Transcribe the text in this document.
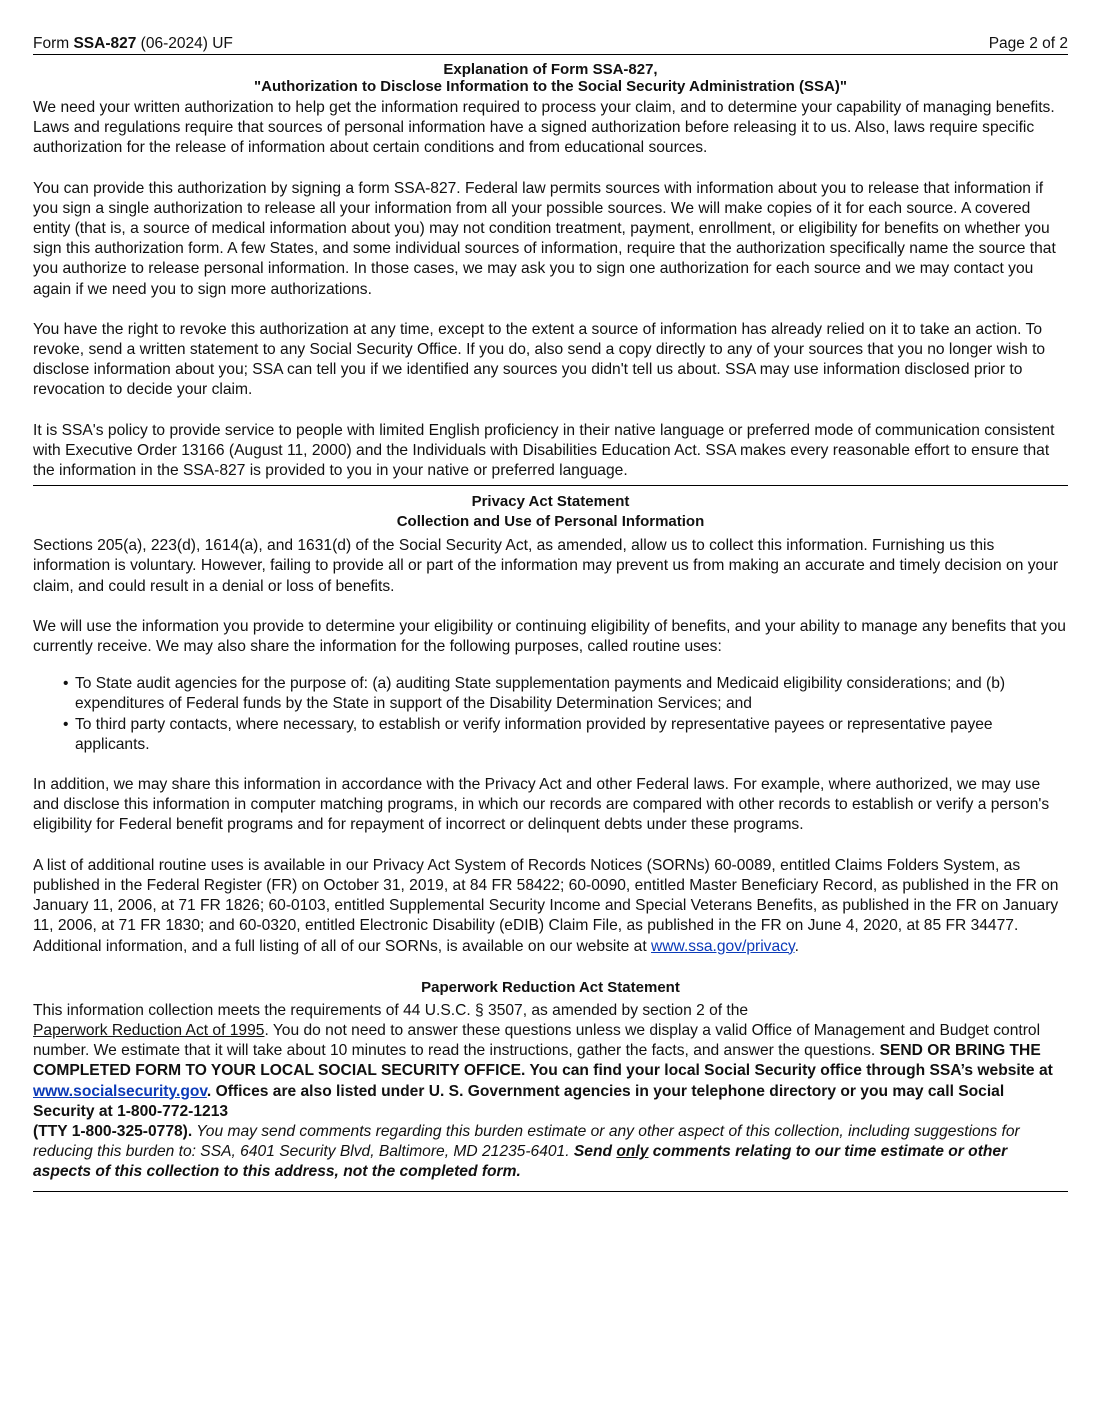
Form SSA-827 (06-2024) UF	Page 2 of 2
Explanation of Form SSA-827,
"Authorization to Disclose Information to the Social Security Administration (SSA)"

We need your written authorization to help get the information required to process your claim, and to determine your capability of managing benefits. Laws and regulations require that sources of personal information have a signed authorization before releasing it to us. Also, laws require specific authorization for the release of information about certain conditions and from educational sources.

You can provide this authorization by signing a form SSA-827. Federal law permits sources with information about you to release that information if you sign a single authorization to release all your information from all your possible sources. We will make copies of it for each source. A covered entity (that is, a source of medical information about you) may not condition treatment, payment, enrollment, or eligibility for benefits on whether you sign this authorization form. A few States, and some individual sources of information, require that the authorization specifically name the source that you authorize to release personal information. In those cases, we may ask you to sign one authorization for each source and we may contact you again if we need you to sign more authorizations.

You have the right to revoke this authorization at any time, except to the extent a source of information has already relied on it to take an action. To revoke, send a written statement to any Social Security Office. If you do, also send a copy directly to any of your sources that you no longer wish to disclose information about you; SSA can tell you if we identified any sources you didn't tell us about. SSA may use information disclosed prior to revocation to decide your claim.

It is SSA's policy to provide service to people with limited English proficiency in their native language or preferred mode of communication consistent with Executive Order 13166 (August 11, 2000) and the Individuals with Disabilities Education Act. SSA makes every reasonable effort to ensure that the information in the SSA-827 is provided to you in your native or preferred language.

Privacy Act Statement
Collection and Use of Personal Information

Sections 205(a), 223(d), 1614(a), and 1631(d) of the Social Security Act, as amended, allow us to collect this information. Furnishing us this information is voluntary. However, failing to provide all or part of the information may prevent us from making an accurate and timely decision on your claim, and could result in a denial or loss of benefits.

We will use the information you provide to determine your eligibility or continuing eligibility of benefits, and your ability to manage any benefits that you currently receive. We may also share the information for the following purposes, called routine uses:

• To State audit agencies for the purpose of: (a) auditing State supplementation payments and Medicaid eligibility considerations; and (b) expenditures of Federal funds by the State in support of the Disability Determination Services; and
• To third party contacts, where necessary, to establish or verify information provided by representative payees or representative payee applicants.

In addition, we may share this information in accordance with the Privacy Act and other Federal laws. For example, where authorized, we may use and disclose this information in computer matching programs, in which our records are compared with other records to establish or verify a person's eligibility for Federal benefit programs and for repayment of incorrect or delinquent debts under these programs.

A list of additional routine uses is available in our Privacy Act System of Records Notices (SORNs) 60-0089, entitled Claims Folders System, as published in the Federal Register (FR) on October 31, 2019, at 84 FR 58422; 60-0090, entitled Master Beneficiary Record, as published in the FR on January 11, 2006, at 71 FR 1826; 60-0103, entitled Supplemental Security Income and Special Veterans Benefits, as published in the FR on January 11, 2006, at 71 FR 1830; and 60-0320, entitled Electronic Disability (eDIB) Claim File, as published in the FR on June 4, 2020, at 85 FR 34477. Additional information, and a full listing of all of our SORNs, is available on our website at www.ssa.gov/privacy.

Paperwork Reduction Act Statement

This information collection meets the requirements of 44 U.S.C. § 3507, as amended by section 2 of the
Paperwork Reduction Act of 1995. You do not need to answer these questions unless we display a valid Office of Management and Budget control number. We estimate that it will take about 10 minutes to read the instructions, gather the facts, and answer the questions. SEND OR BRING THE COMPLETED FORM TO YOUR LOCAL SOCIAL SECURITY OFFICE. You can find your local Social Security office through SSA’s website at www.socialsecurity.gov. Offices are also listed under U. S. Government agencies in your telephone directory or you may call Social Security at 1-800-772-1213
(TTY 1-800-325-0778). You may send comments regarding this burden estimate or any other aspect of this collection, including suggestions for reducing this burden to: SSA, 6401 Security Blvd, Baltimore, MD 21235-6401. Send only comments relating to our time estimate or other aspects of this collection to this address, not the completed form.
